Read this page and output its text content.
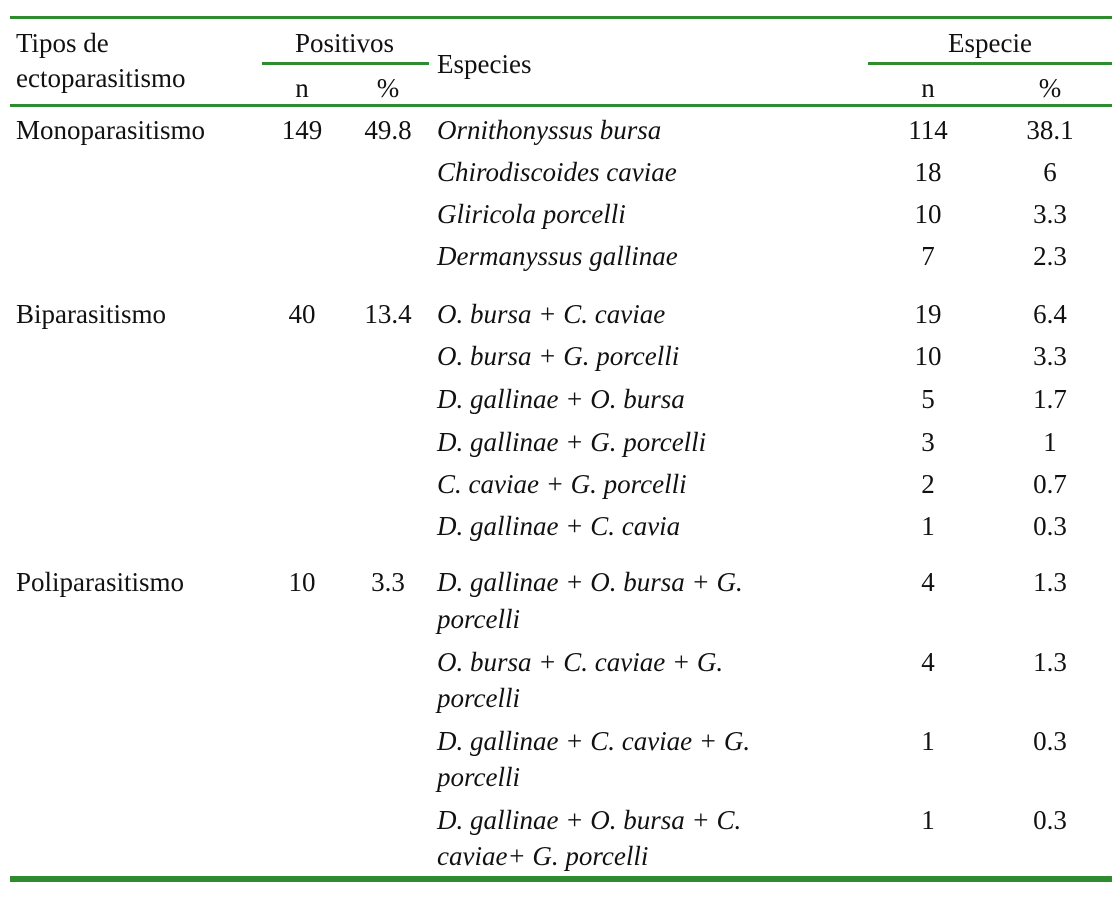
Tipos de
ectoparasitismo
Positivos
n	%
Especies
Especie
n	%
Monoparasitismo	149	49.8 Ornithonyssus bursa	114	38.1
Chirodiscoides caviae	18	6
Gliricola porcelli	10	3.3
Dermanyssus gallinae	7	2.3
Biparasitismo	40	13.4 O. bursa + C. caviae	19	6.4
O. bursa + G. porcelli	10	3.3
D. gallinae + O. bursa	5	1.7
D. gallinae + G. porcelli	3	1
C. caviae + G. porcelli	2	0.7
D. gallinae + C. cavia	1	0.3
Poliparasitismo	10	3.3	D. gallinae + O. bursa + G.
porcelli
4	1.3
O. bursa + C. caviae + G.
porcelli
4	1.3
D. gallinae + C. caviae + G.
porcelli
1	0.3
D. gallinae + O. bursa + C.
caviae+ G. porcelli
1	0.3
